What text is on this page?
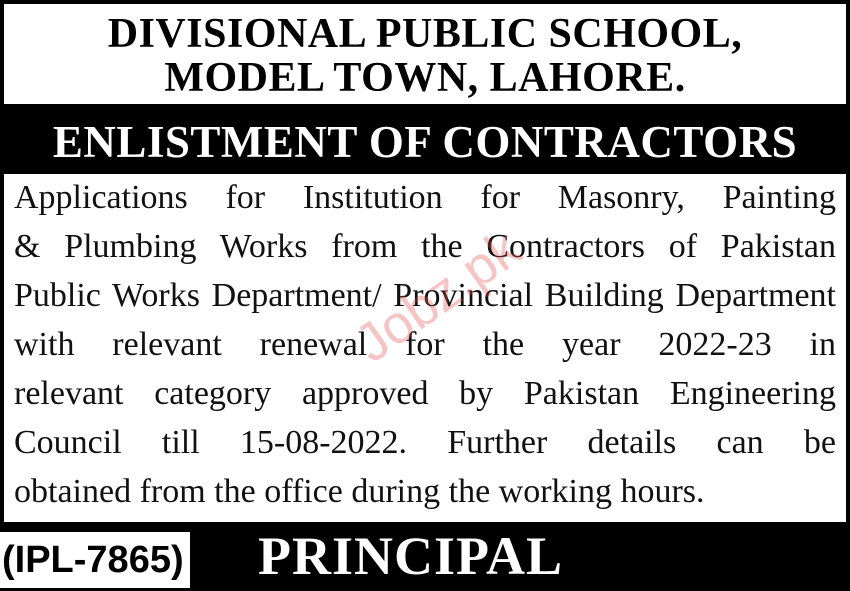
DIVISIONAL PUBLIC SCHOOL,
MODEL TOWN, LAHORE.
ENLISTMENT OF CONTRACTORS
Applications for Institution for Masonry, Painting
& Plumbing Works from the Contractors of Pakistan
Public Works Department/ Provincial Building Department
with relevant renewal for the year 2022-23 in
relevant category approved by Pakistan Engineering
Council till 15-08-2022. Further details can be
obtained from the office during the working hours.
Jobz.pk
(IPL-7865) PRINCIPAL
